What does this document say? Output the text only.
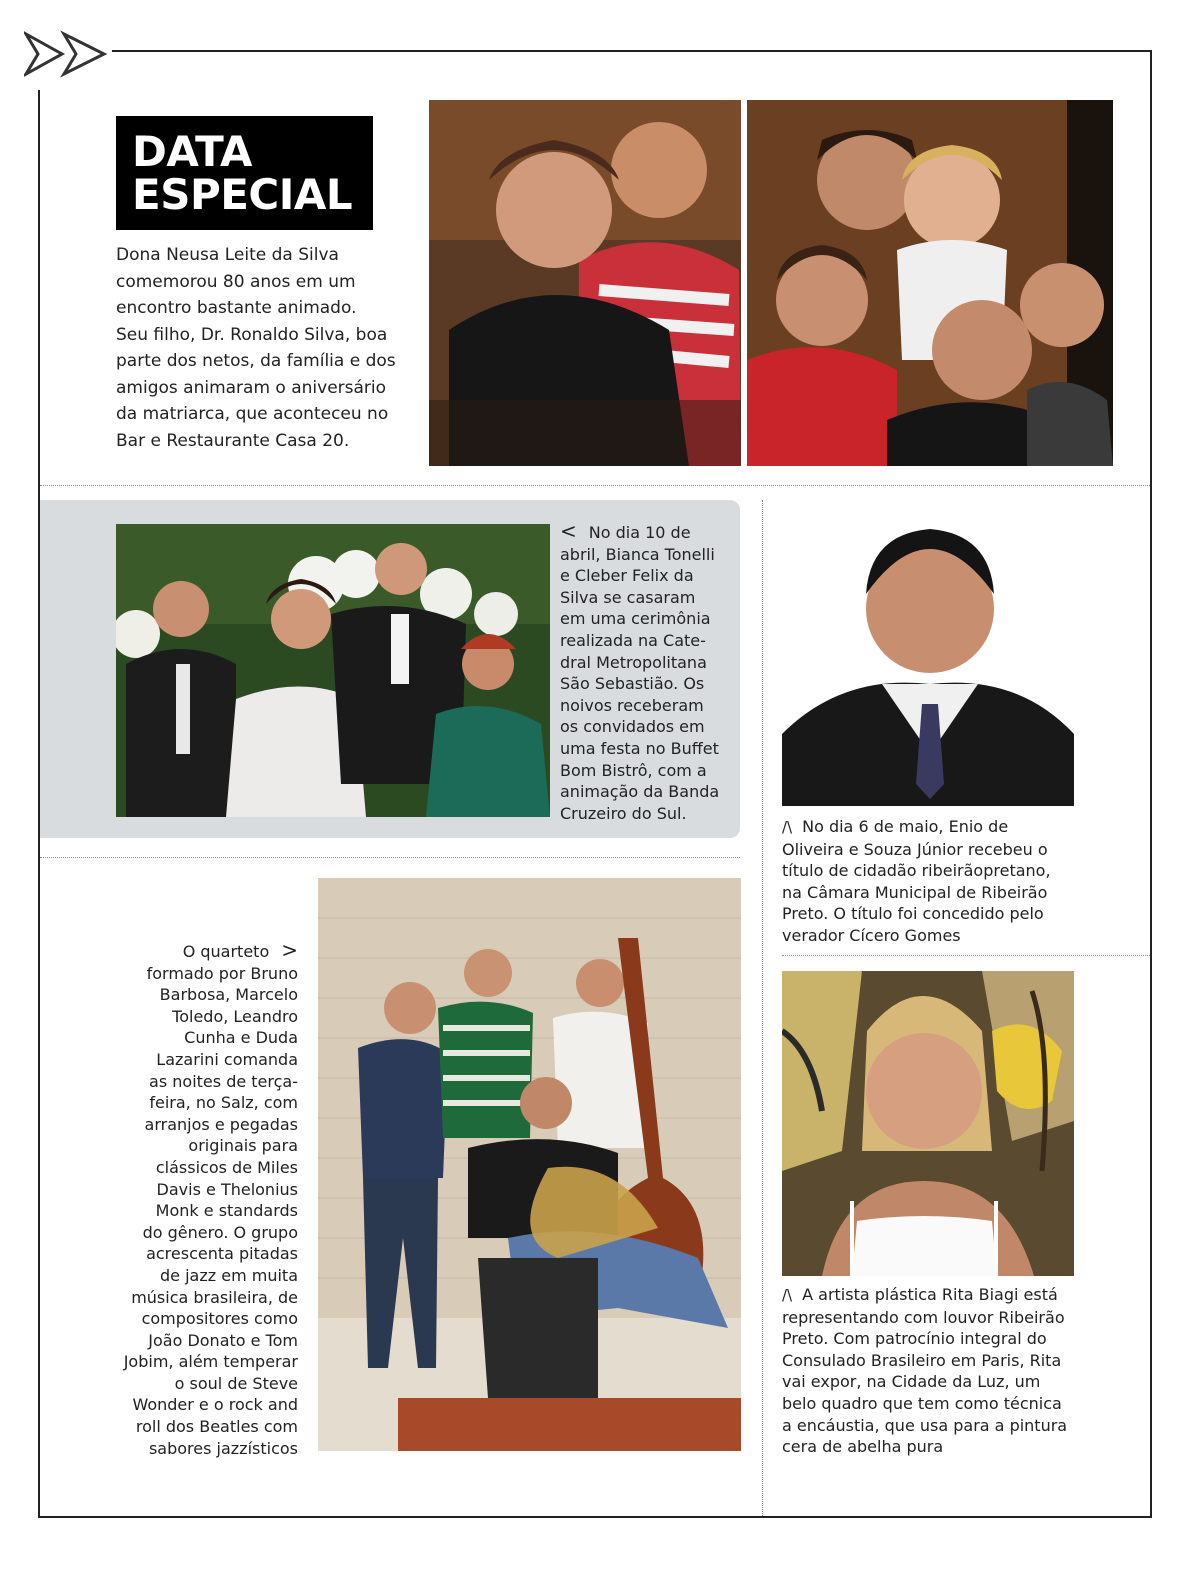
DATA
ESPECIAL
Dona Neusa Leite da Silva
comemorou 80 anos em um
encontro bastante animado.
Seu filho, Dr. Ronaldo Silva, boa
parte dos netos, da família e dos
amigos animaram o aniversário
da matriarca, que aconteceu no
Bar e Restaurante Casa 20.
< No dia 10 de
abril, Bianca Tonelli
e Cleber Felix da
Silva se casaram
em uma cerimônia
realizada na Cate-
dral Metropolitana
São Sebastião. Os
noivos receberam
os convidados em
uma festa no Buffet
Bom Bistrô, com a
animação da Banda
Cruzeiro do Sul.
/\ No dia 6 de maio, Enio de
Oliveira e Souza Júnior recebeu o
título de cidadão ribeirãopretano,
na Câmara Municipal de Ribeirão
Preto. O título foi concedido pelo
verador Cícero Gomes
O quarteto >
formado por Bruno
Barbosa, Marcelo
Toledo, Leandro
Cunha e Duda
Lazarini comanda
as noites de terça-
feira, no Salz, com
arranjos e pegadas
originais para
clássicos de Miles
Davis e Thelonius
Monk e standards
do gênero. O grupo
acrescenta pitadas
de jazz em muita
música brasileira, de
compositores como
João Donato e Tom
Jobim, além temperar
o soul de Steve
Wonder e o rock and
roll dos Beatles com
sabores jazzísticos
/\ A artista plástica Rita Biagi está
representando com louvor Ribeirão
Preto. Com patrocínio integral do
Consulado Brasileiro em Paris, Rita
vai expor, na Cidade da Luz, um
belo quadro que tem como técnica
a encáustia, que usa para a pintura
cera de abelha pura
